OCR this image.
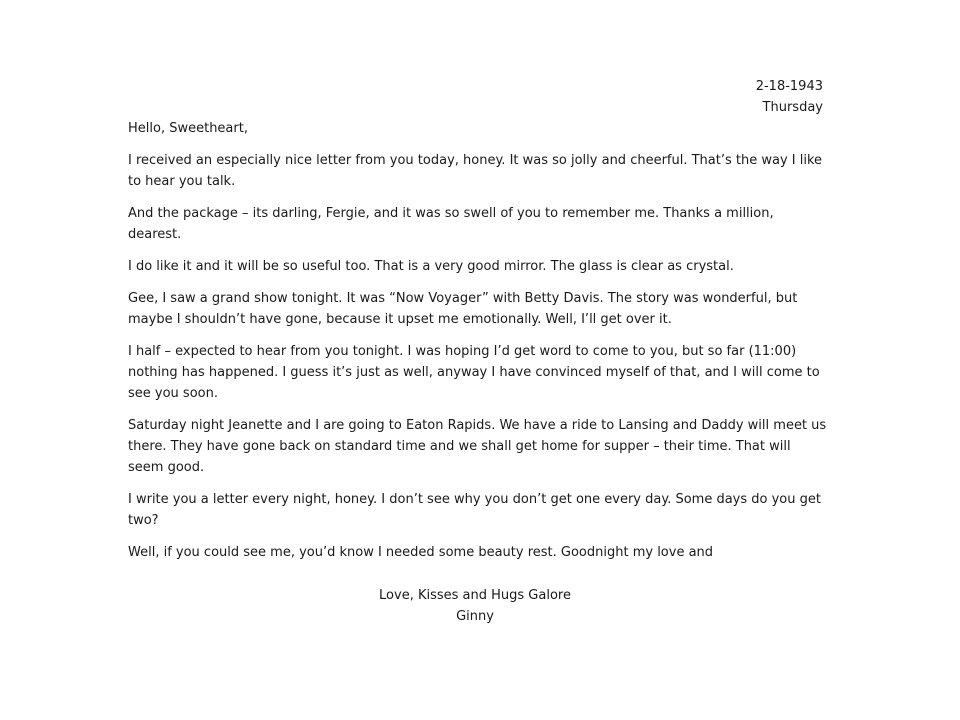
2-18-1943
Thursday

Hello, Sweetheart,

I received an especially nice letter from you today, honey. It was so jolly and cheerful. That’s the way I like to hear you talk.

And the package – its darling, Fergie, and it was so swell of you to remember me. Thanks a million, dearest.

I do like it and it will be so useful too. That is a very good mirror. The glass is clear as crystal.

Gee, I saw a grand show tonight. It was “Now Voyager” with Betty Davis. The story was wonderful, but maybe I shouldn’t have gone, because it upset me emotionally. Well, I’ll get over it.

I half – expected to hear from you tonight. I was hoping I’d get word to come to you, but so far (11:00) nothing has happened. I guess it’s just as well, anyway I have convinced myself of that, and I will come to see you soon.

Saturday night Jeanette and I are going to Eaton Rapids. We have a ride to Lansing and Daddy will meet us there. They have gone back on standard time and we shall get home for supper – their time. That will seem good.

I write you a letter every night, honey. I don’t see why you don’t get one every day. Some days do you get two?

Well, if you could see me, you’d know I needed some beauty rest. Goodnight my love and

Love, Kisses and Hugs Galore
Ginny
